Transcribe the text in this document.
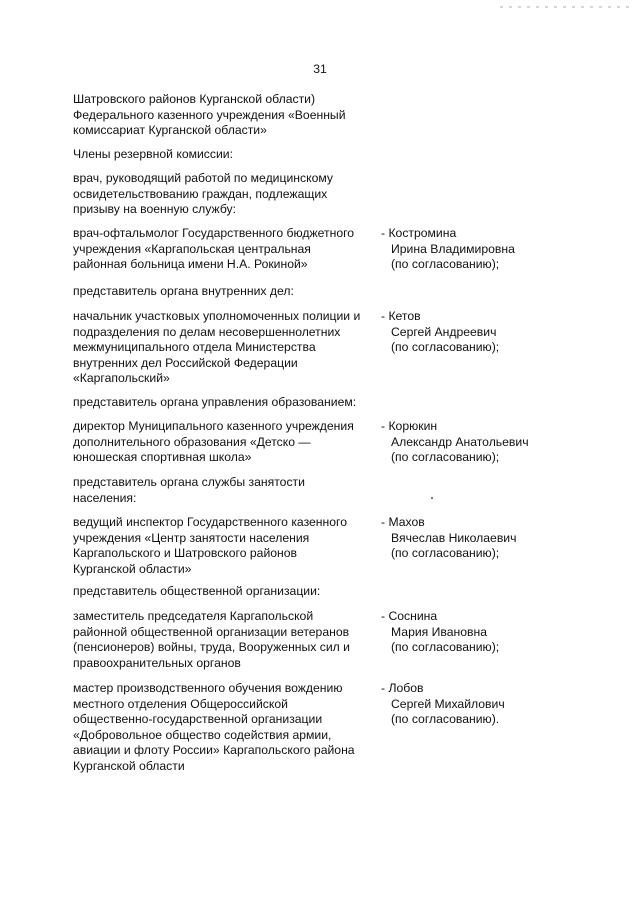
31
Шатровского районов Курганской области)
Федерального казенного учреждения «Военный
комиссариат Курганской области»
Члены резервной комиссии:
врач, руководящий работой по медицинскому
освидетельствованию граждан, подлежащих
призыву на военную службу:
врач-офтальмолог Государственного бюджетного
учреждения «Каргапольская центральная
районная больница имени Н.А. Рокиной»
- Костромина
Ирина Владимировна
(по согласованию);
представитель органа внутренних дел:
начальник участковых уполномоченных полиции и
подразделения по делам несовершеннолетних
межмуниципального отдела Министерства
внутренних дел Российской Федерации
«Каргапольский»
- Кетов
Сергей Андреевич
(по согласованию);
представитель органа управления образованием:
директор Муниципального казенного учреждения
дополнительного образования «Детско —
юношеская спортивная школа»
- Корюкин
Александр Анатольевич
(по согласованию);
представитель органа службы занятости
населения:
ведущий инспектор Государственного казенного
учреждения «Центр занятости населения
Каргапольского и Шатровского районов
Курганской области»
- Махов
Вячеслав Николаевич
(по согласованию);
представитель общественной организации:
заместитель председателя Каргапольской
районной общественной организации ветеранов
(пенсионеров) войны, труда, Вооруженных сил и
правоохранительных органов
- Соснина
Мария Ивановна
(по согласованию);
мастер производственного обучения вождению
местного отделения Общероссийской
общественно-государственной организации
«Добровольное общество содействия армии,
авиации и флоту России» Каргапольского района
Курганской области
- Лобов
Сергей Михайлович
(по согласованию).
